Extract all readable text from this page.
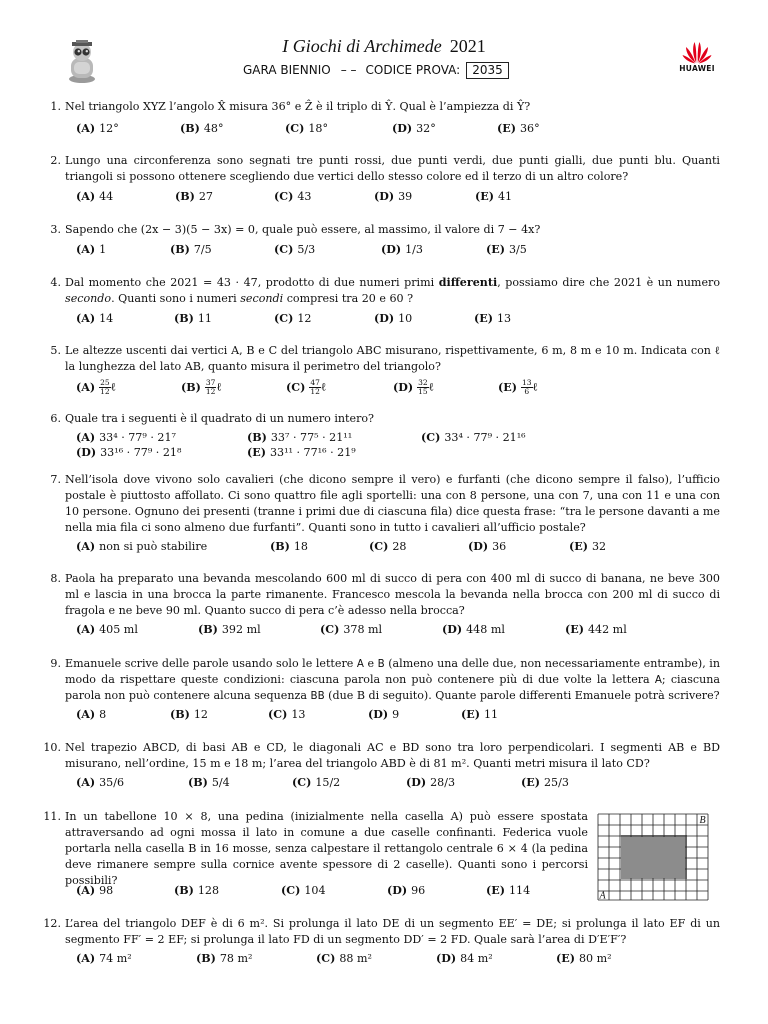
I Giochi di Archimede 2021
GARA BIENNIO – – CODICE PROVA: 2035	HUAWEI
1. Nel triangolo XYZ l’angolo X̂ misura 36° e Ẑ è il triplo di Ŷ. Qual è l’ampiezza di Ŷ?
(A) 12°	(B) 48°	(C) 18°	(D) 32°	(E) 36°
2. Lungo una circonferenza sono segnati tre punti rossi, due punti verdi, due punti gialli, due punti blu. Quanti triangoli si possono ottenere scegliendo due vertici dello stesso colore ed il terzo di un altro colore?
(A) 44	(B) 27	(C) 43	(D) 39	(E) 41
3. Sapendo che (2x − 3)(5 − 3x) = 0, quale può essere, al massimo, il valore di 7 − 4x?
(A) 1	(B) 7/5	(C) 5/3	(D) 1/3	(E) 3/5
4. Dal momento che 2021 = 43 · 47, prodotto di due numeri primi differenti, possiamo dire che 2021 è un numero secondo. Quanti sono i numeri secondi compresi tra 20 e 60 ?
(A) 14	(B) 11	(C) 12	(D) 10	(E) 13
5. Le altezze uscenti dai vertici A, B e C del triangolo ABC misurano, rispettivamente, 6 m, 8 m e 10 m. Indicata con ℓ la lunghezza del lato AB, quanto misura il perimetro del triangolo?
$(A) \frac{25}{12}$ ℓ	$(B) \frac{37}{12}$ ℓ	$(C) \frac{47}{12}$ ℓ	$(D) \frac{32}{15}$ ℓ	$(E) \frac{13}{6}$ ℓ
6. Quale tra i seguenti è il quadrato di un numero intero?
(A) 33⁴ · 77⁹ · 21⁷	(B) 33⁷ · 77⁵ · 21¹¹	(C) 33⁴ · 77⁹ · 21¹⁶
(D) 33¹⁶ · 77⁹ · 21⁸	(E) 33¹¹ · 77¹⁶ · 21⁹
7. Nell’isola dove vivono solo cavalieri (che dicono sempre il vero) e furfanti (che dicono sempre il falso), l’ufficio postale è piuttosto affollato. Ci sono quattro file agli sportelli: una con 8 persone, una con 7, una con 11 e una con 10 persone. Ognuno dei presenti (tranne i primi due di ciascuna fila) dice questa frase: “tra le persone davanti a me nella mia fila ci sono almeno due furfanti”. Quanti sono in tutto i cavalieri all’ufficio postale?
(A) non si può stabilire	(B) 18	(C) 28	(D) 36	(E) 32
8. Paola ha preparato una bevanda mescolando 600 ml di succo di pera con 400 ml di succo di banana, ne beve 300 ml e lascia in una brocca la parte rimanente. Francesco mescola la bevanda nella brocca con 200 ml di succo di fragola e ne beve 90 ml. Quanto succo di pera c’è adesso nella brocca?
(A) 405 ml	(B) 392 ml	(C) 378 ml	(D) 448 ml	(E) 442 ml
9. Emanuele scrive delle parole usando solo le lettere A e B (almeno una delle due, non necessariamente entrambe), in modo da rispettare queste condizioni: ciascuna parola non può contenere più di due volte la lettera A; ciascuna parola non può contenere alcuna sequenza BB (due B di seguito). Quante parole differenti Emanuele potrà scrivere?
(A) 8	(B) 12	(C) 13	(D) 9	(E) 11
10. Nel trapezio ABCD, di basi AB e CD, le diagonali AC e BD sono tra loro perpendicolari. I segmenti AB e BD misurano, nell’ordine, 15 m e 18 m; l’area del triangolo ABD è di 81 m². Quanti metri misura il lato CD?
(A) 35/6	(B) 5/4	(C) 15/2	(D) 28/3	(E) 25/3
11. In un tabellone 10 × 8, una pedina (inizialmente nella casella A) può essere spostata attraversando ad ogni mossa il lato in comune a due caselle confinanti. Federica vuole portarla nella casella B in 16 mosse, senza calpestare il rettangolo centrale 6 × 4 (la pedina deve rimanere sempre sulla cornice avente spessore di 2 caselle). Quanti sono i percorsi possibili?
A
B
(A) 98	(B) 128	(C) 104	(D) 96	(E) 114
12. L’area del triangolo DEF è di 6 m². Si prolunga il lato DE di un segmento EE′ = DE; si prolunga il lato EF di un segmento FF′ = 2 EF; si prolunga il lato FD di un segmento DD′ = 2 FD. Quale sarà l’area di D′E′F′?
(A) 74 m²	(B) 78 m²	(C) 88 m²	(D) 84 m²	(E) 80 m²
